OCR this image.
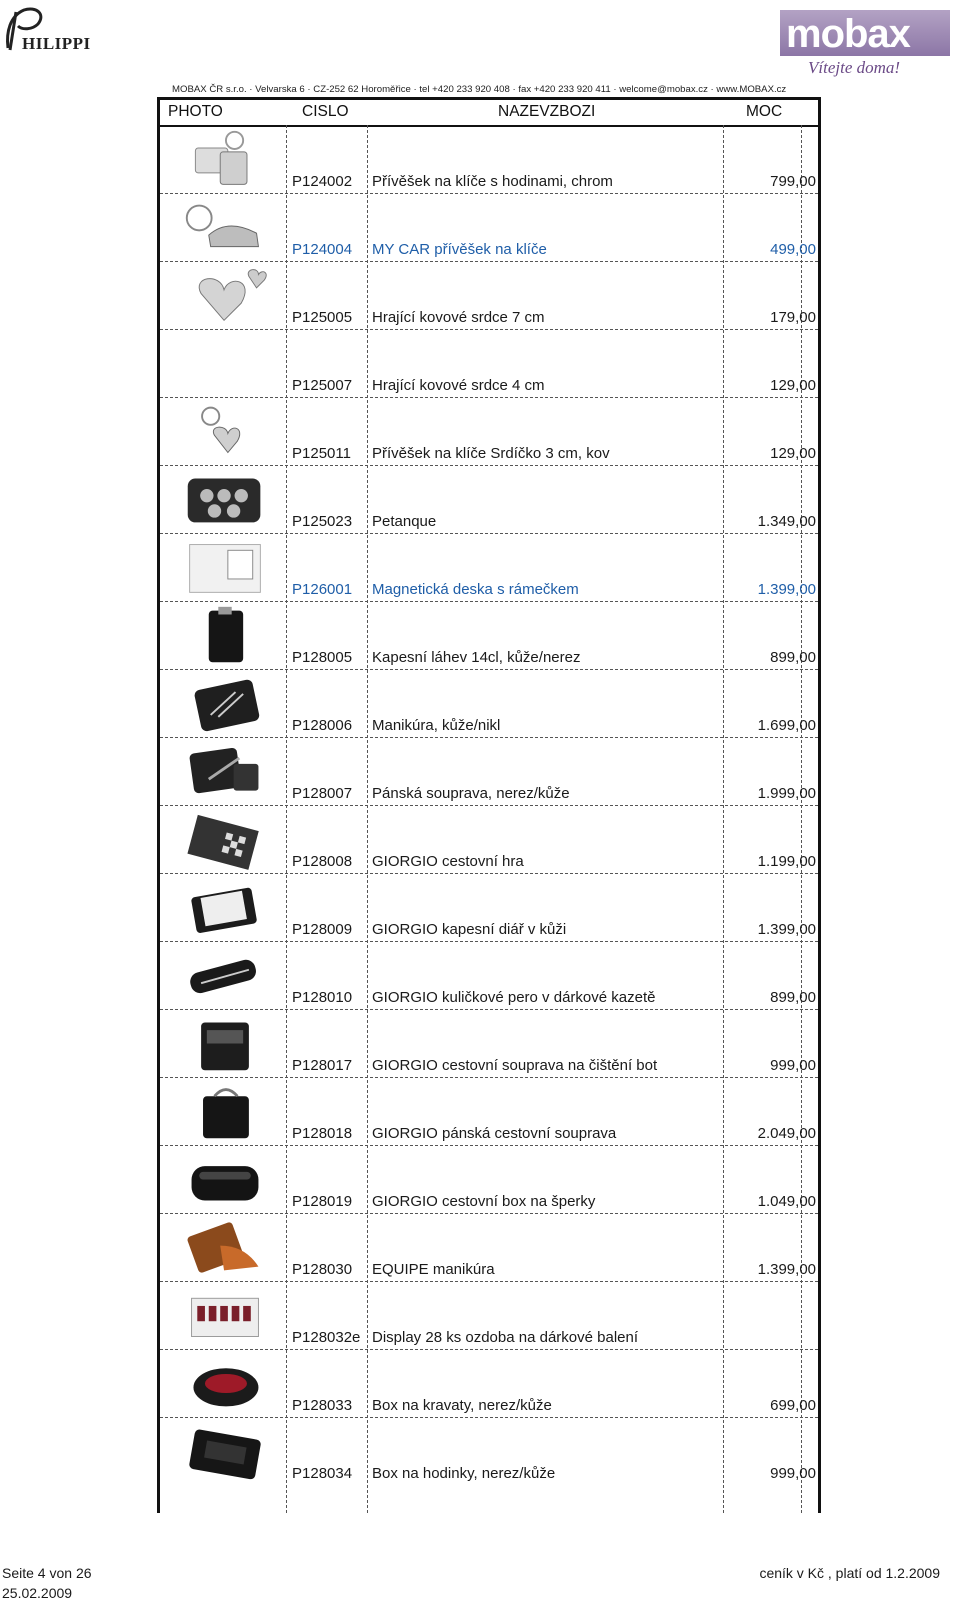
HILIPPI	mobax
Vítejte doma!
MOBAX ČR s.r.o. · Velvarska 6 · CZ-252 62 Horoměřice · tel +420 233 920 408 · fax +420 233 920 411 · welcome@mobax.cz · www.MOBAX.cz
PHOTO	CISLO	NAZEVZBOZI	MOC
P124002 Přívěšek na klíče s hodinami, chrom	799,00
P124004 MY CAR přívěšek na klíče	499,00
P125005 Hrající kovové srdce 7 cm	179,00
P125007 Hrající kovové srdce 4 cm	129,00
P125011 Přívěšek na klíče Srdíčko 3 cm, kov	129,00
P125023 Petanque	1.349,00
P126001 Magnetická deska s rámečkem	1.399,00
P128005 Kapesní láhev 14cl, kůže/nerez	899,00
P128006 Manikúra, kůže/nikl	1.699,00
P128007 Pánská souprava, nerez/kůže	1.999,00
P128008 GIORGIO cestovní hra	1.199,00
P128009 GIORGIO kapesní diář v kůži	1.399,00
P128010 GIORGIO kuličkové pero v dárkové kazetě	899,00
P128017 GIORGIO cestovní souprava na čištění bot	999,00
P128018 GIORGIO pánská cestovní souprava	2.049,00
P128019 GIORGIO cestovní box na šperky	1.049,00
P128030 EQUIPE manikúra	1.399,00
P128032e Display 28 ks ozdoba na dárkové balení
P128033 Box na kravaty, nerez/kůže	699,00
P128034 Box na hodinky, nerez/kůže	999,00
Seite 4 von 26
25.02.2009
ceník v Kč , platí od 1.2.2009
